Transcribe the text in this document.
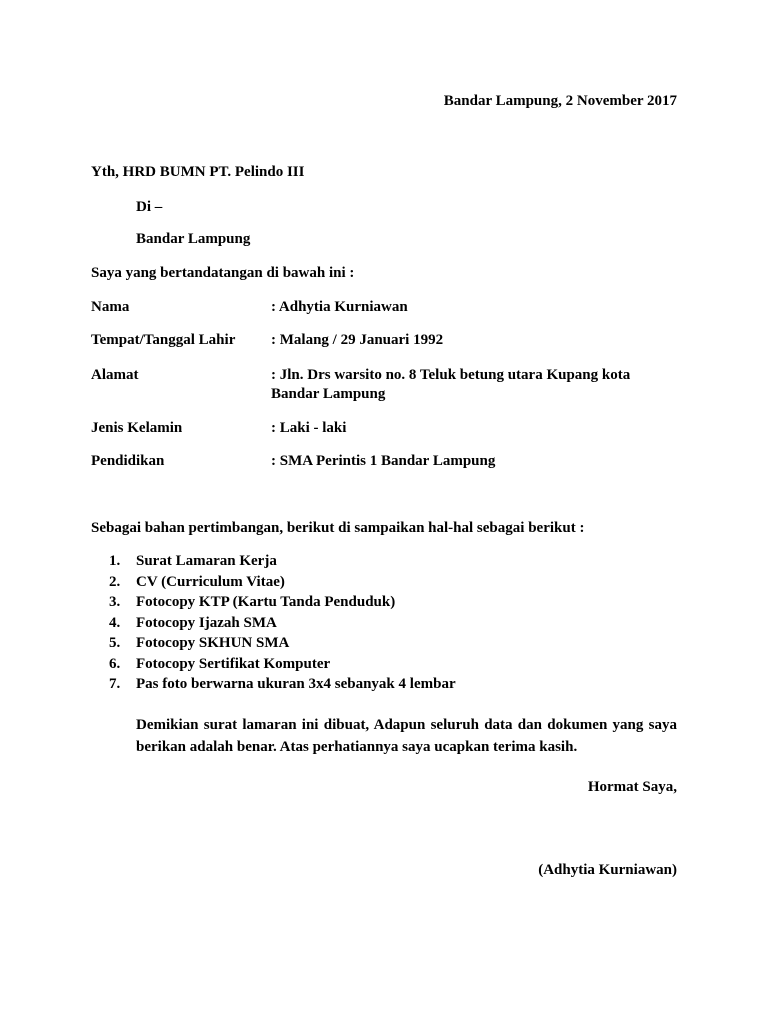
Bandar Lampung, 2 November 2017
Yth, HRD BUMN PT. Pelindo III
Di –
Bandar Lampung
Saya yang bertandatangan di bawah ini :
Nama	: Adhytia Kurniawan
Tempat/Tanggal Lahir : Malang / 29 Januari 1992
Alamat	: Jln. Drs warsito no. 8 Teluk betung utara Kupang kota
Bandar Lampung
Jenis Kelamin	: Laki - laki
Pendidikan	: SMA Perintis 1 Bandar Lampung
Sebagai bahan pertimbangan, berikut di sampaikan hal-hal sebagai berikut :
1. Surat Lamaran Kerja
2. CV (Curriculum Vitae)
3. Fotocopy KTP (Kartu Tanda Penduduk)
4. Fotocopy Ijazah SMA
5. Fotocopy SKHUN SMA
6. Fotocopy Sertifikat Komputer
7. Pas foto berwarna ukuran 3x4 sebanyak 4 lembar
Demikian surat lamaran ini dibuat, Adapun seluruh data dan dokumen yang saya berikan adalah benar. Atas perhatiannya saya ucapkan terima kasih.
Hormat Saya,
(Adhytia Kurniawan)
